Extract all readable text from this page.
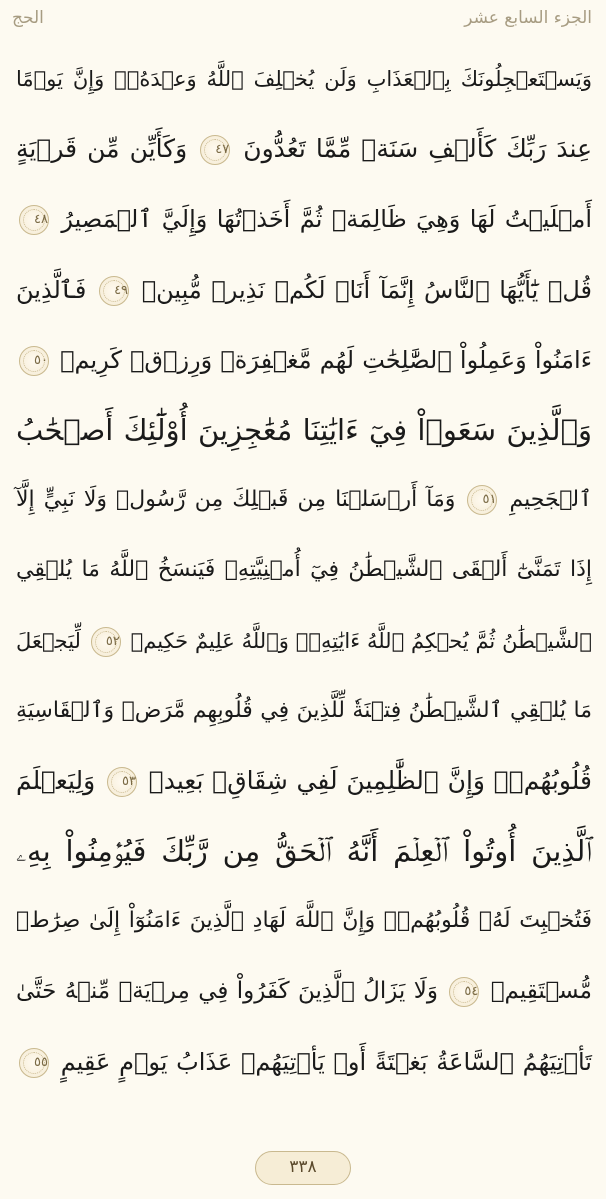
الحج	الجزء السابع عشر
وَيَسۡتَعۡجِلُونَكَ بِٱلۡعَذَابِ وَلَن يُخۡلِفَ ٱللَّهُ وَعۡدَهُۥۚ وَإِنَّ يَوۡمًا
عِندَ رَبِّكَ كَأَلۡفِ سَنَةٖ مِّمَّا تَعُدُّونَ ٤٧ وَكَأَيِّن مِّن قَرۡيَةٍ
أَمۡلَيۡتُ لَهَا وَهِيَ ظَالِمَةٞ ثُمَّ أَخَذۡتُهَا وَإِلَيَّ ٱلۡمَصِيرُ ٤٨
قُلۡ يَٰٓأَيُّهَا ٱلنَّاسُ إِنَّمَآ أَنَا۠ لَكُمۡ نَذِيرٞ مُّبِينٞ ٤٩ فَٱلَّذِينَ
ءَامَنُواْ وَعَمِلُواْ ٱلصَّٰلِحَٰتِ لَهُم مَّغۡفِرَةٞ وَرِزۡقٞ كَرِيمٞ ٥٠
وَٱلَّذِينَ سَعَوۡاْ فِيٓ ءَايَٰتِنَا مُعَٰجِزِينَ أُوْلَٰٓئِكَ أَصۡحَٰبُ
ٱلۡجَحِيمِ ٥١ وَمَآ أَرۡسَلۡنَا مِن قَبۡلِكَ مِن رَّسُولٖ وَلَا نَبِيٍّ إِلَّآ
إِذَا تَمَنَّىٰٓ أَلۡقَى ٱلشَّيۡطَٰنُ فِيٓ أُمۡنِيَّتِهِۦ فَيَنسَخُ ٱللَّهُ مَا يُلۡقِي
ٱلشَّيۡطَٰنُ ثُمَّ يُحۡكِمُ ٱللَّهُ ءَايَٰتِهِۦۗ وَٱللَّهُ عَلِيمٌ حَكِيمٞ ٥٢ لِّيَجۡعَلَ
مَا يُلۡقِي ٱلشَّيۡطَٰنُ فِتۡنَةٗ لِّلَّذِينَ فِي قُلُوبِهِم مَّرَضٞ وَٱلۡقَاسِيَةِ
قُلُوبُهُمۡۗ وَإِنَّ ٱلظَّٰلِمِينَ لَفِي شِقَاقِۭ بَعِيدٖ ٥٣ وَلِيَعۡلَمَ
ٱلَّذِينَ أُوتُواْ ٱلۡعِلۡمَ أَنَّهُ ٱلۡحَقُّ مِن رَّبِّكَ فَيُؤۡمِنُواْ بِهِۦ
فَتُخۡبِتَ لَهُۥ قُلُوبُهُمۡۗ وَإِنَّ ٱللَّهَ لَهَادِ ٱلَّذِينَ ءَامَنُوٓاْ إِلَىٰ صِرَٰطٖ
مُّسۡتَقِيمٖ ٥٤ وَلَا يَزَالُ ٱلَّذِينَ كَفَرُواْ فِي مِرۡيَةٖ مِّنۡهُ حَتَّىٰ
تَأۡتِيَهُمُ ٱلسَّاعَةُ بَغۡتَةً أَوۡ يَأۡتِيَهُمۡ عَذَابُ يَوۡمٍ عَقِيمٍ ٥٥
٣٣٨
